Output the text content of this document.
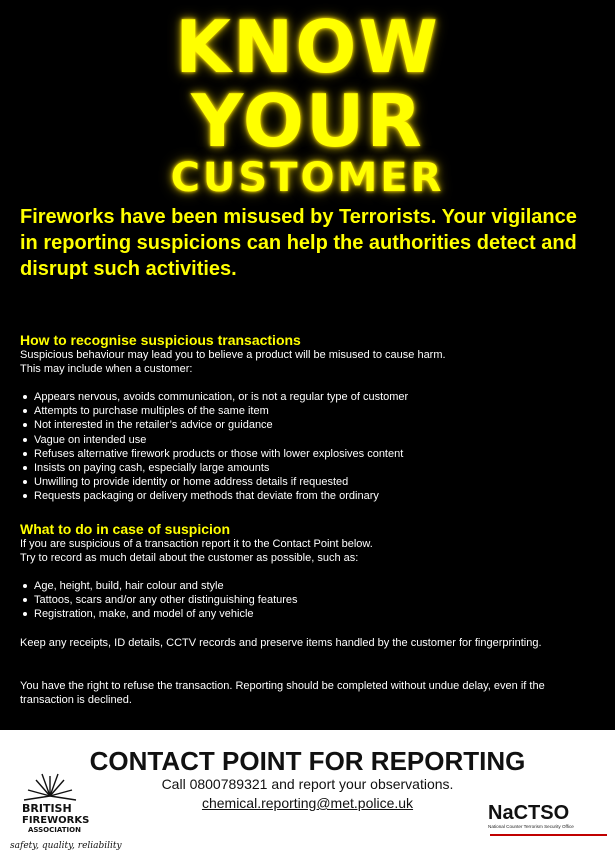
KNOW
YOUR
CUSTOMER

Fireworks have been misused by Terrorists. Your vigilance in reporting suspicions can help the authorities detect and disrupt such activities.

How to recognise suspicious transactions

Suspicious behaviour may lead you to believe a product will be misused to cause harm.

This may include when a customer:

Appears nervous, avoids communication, or is not a regular type of customer
Attempts to purchase multiples of the same item
Not interested in the retailer’s advice or guidance
Vague on intended use
Refuses alternative firework products or those with lower explosives content
Insists on paying cash, especially large amounts
Unwilling to provide identity or home address details if requested
Requests packaging or delivery methods that deviate from the ordinary
What to do in case of suspicion

If you are suspicious of a transaction report it to the Contact Point below.

Try to record as much detail about the customer as possible, such as:

Age, height, build, hair colour and style
Tattoos, scars and/or any other distinguishing features
Registration, make, and model of any vehicle

Keep any receipts, ID details, CCTV records and preserve items handled by the customer for fingerprinting.

You have the right to refuse the transaction. Reporting should be completed without undue delay, even if the transaction is declined.

CONTACT POINT FOR REPORTING
Call 0800789321 and report your observations.
chemical.reporting@met.police.uk
BRITISH
FIREWORKS
ASSOCIATION
safety, quality, reliability
NaCTSO
National Counter Terrorism Security Office
